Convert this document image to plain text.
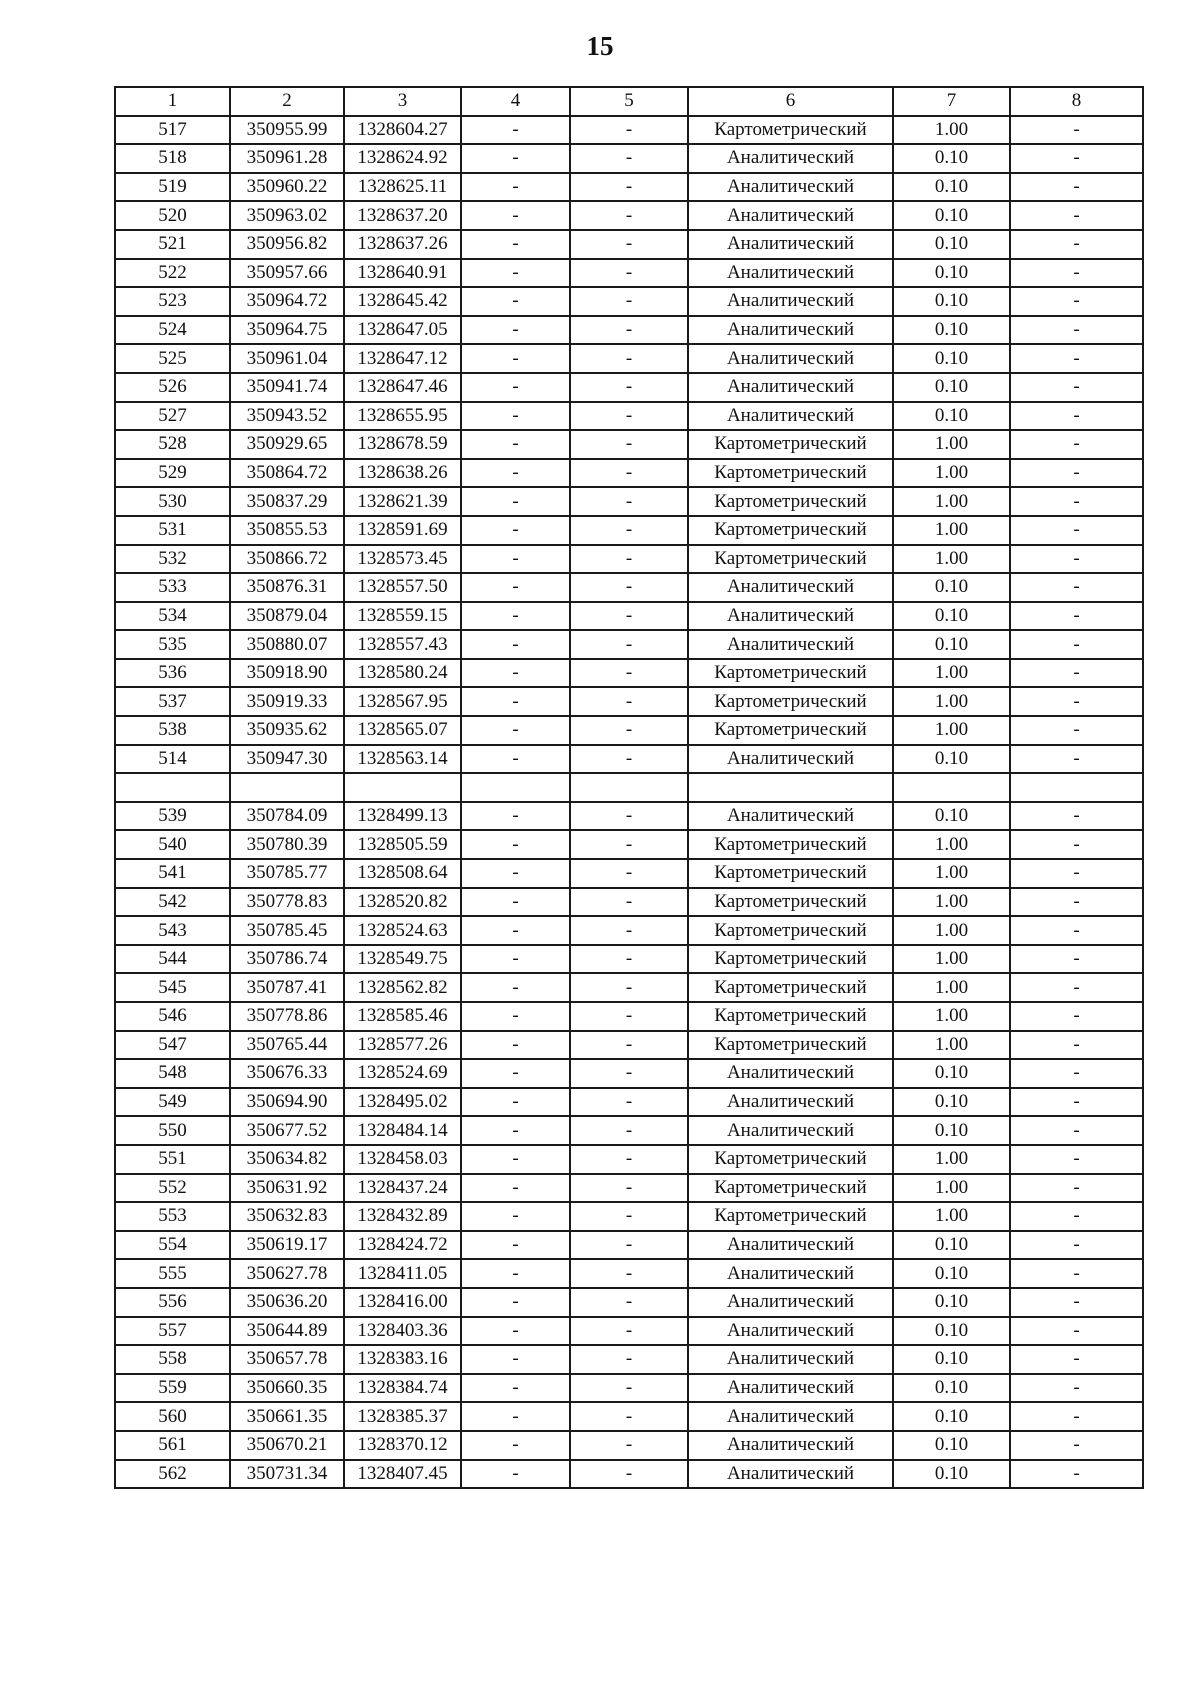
15
1	2	3	4	5	6	7	8
517	350955.99	1328604.27	-	-	Картометрический	1.00	-
518	350961.28	1328624.92	-	-	Аналитический	0.10	-
519	350960.22	1328625.11	-	-	Аналитический	0.10	-
520	350963.02	1328637.20	-	-	Аналитический	0.10	-
521	350956.82	1328637.26	-	-	Аналитический	0.10	-
522	350957.66	1328640.91	-	-	Аналитический	0.10	-
523	350964.72	1328645.42	-	-	Аналитический	0.10	-
524	350964.75	1328647.05	-	-	Аналитический	0.10	-
525	350961.04	1328647.12	-	-	Аналитический	0.10	-
526	350941.74	1328647.46	-	-	Аналитический	0.10	-
527	350943.52	1328655.95	-	-	Аналитический	0.10	-
528	350929.65	1328678.59	-	-	Картометрический	1.00	-
529	350864.72	1328638.26	-	-	Картометрический	1.00	-
530	350837.29	1328621.39	-	-	Картометрический	1.00	-
531	350855.53	1328591.69	-	-	Картометрический	1.00	-
532	350866.72	1328573.45	-	-	Картометрический	1.00	-
533	350876.31	1328557.50	-	-	Аналитический	0.10	-
534	350879.04	1328559.15	-	-	Аналитический	0.10	-
535	350880.07	1328557.43	-	-	Аналитический	0.10	-
536	350918.90	1328580.24	-	-	Картометрический	1.00	-
537	350919.33	1328567.95	-	-	Картометрический	1.00	-
538	350935.62	1328565.07	-	-	Картометрический	1.00	-
514	350947.30	1328563.14	-	-	Аналитический	0.10	-

539	350784.09	1328499.13	-	-	Аналитический	0.10	-
540	350780.39	1328505.59	-	-	Картометрический	1.00	-
541	350785.77	1328508.64	-	-	Картометрический	1.00	-
542	350778.83	1328520.82	-	-	Картометрический	1.00	-
543	350785.45	1328524.63	-	-	Картометрический	1.00	-
544	350786.74	1328549.75	-	-	Картометрический	1.00	-
545	350787.41	1328562.82	-	-	Картометрический	1.00	-
546	350778.86	1328585.46	-	-	Картометрический	1.00	-
547	350765.44	1328577.26	-	-	Картометрический	1.00	-
548	350676.33	1328524.69	-	-	Аналитический	0.10	-
549	350694.90	1328495.02	-	-	Аналитический	0.10	-
550	350677.52	1328484.14	-	-	Аналитический	0.10	-
551	350634.82	1328458.03	-	-	Картометрический	1.00	-
552	350631.92	1328437.24	-	-	Картометрический	1.00	-
553	350632.83	1328432.89	-	-	Картометрический	1.00	-
554	350619.17	1328424.72	-	-	Аналитический	0.10	-
555	350627.78	1328411.05	-	-	Аналитический	0.10	-
556	350636.20	1328416.00	-	-	Аналитический	0.10	-
557	350644.89	1328403.36	-	-	Аналитический	0.10	-
558	350657.78	1328383.16	-	-	Аналитический	0.10	-
559	350660.35	1328384.74	-	-	Аналитический	0.10	-
560	350661.35	1328385.37	-	-	Аналитический	0.10	-
561	350670.21	1328370.12	-	-	Аналитический	0.10	-
562	350731.34	1328407.45	-	-	Аналитический	0.10	-
